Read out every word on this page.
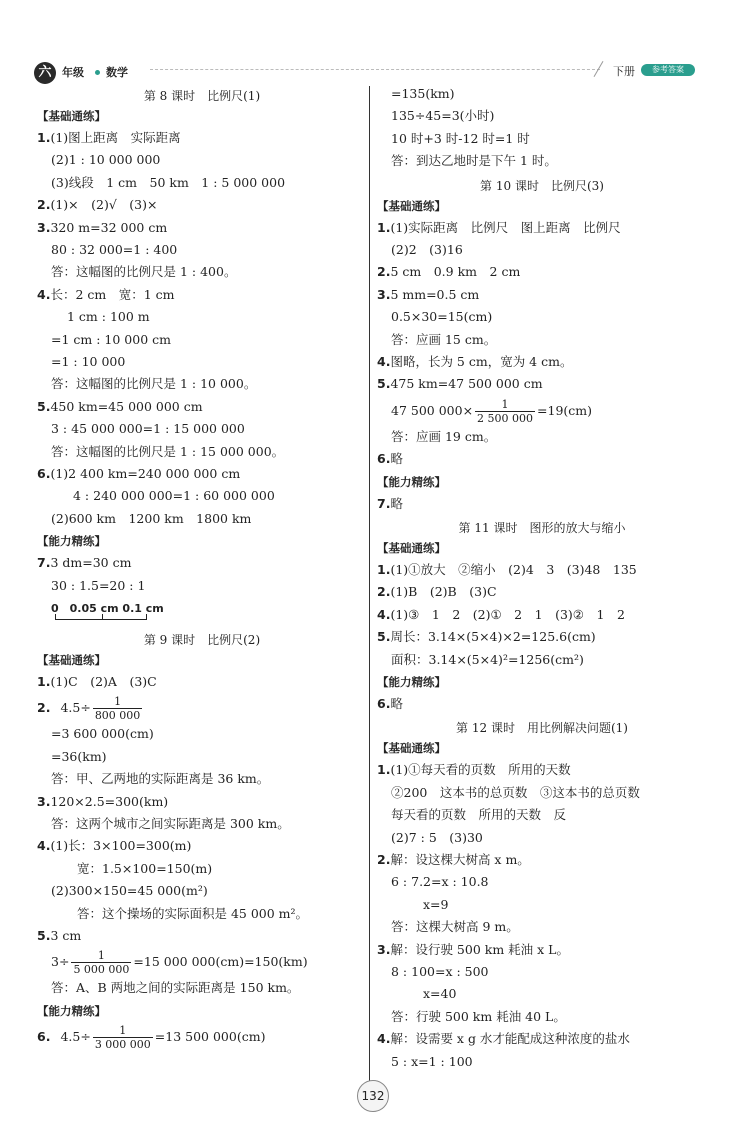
六 年级 数学	下册	参考答案
第 8 课时　比例尺(1)
【基础通练】
1.(1)图上距离　实际距离
(2)1 : 10 000 000
(3)线段　1 cm　50 km　1 : 5 000 000
2.(1)×　(2)√　(3)×
3.320 m=32 000 cm
80 : 32 000=1 : 400
答：这幅图的比例尺是 1 : 400。
4.长：2 cm　宽：1 cm
1 cm : 100 m
=1 cm : 10 000 cm
=1 : 10 000
答：这幅图的比例尺是 1 : 10 000。
5.450 km=45 000 000 cm
3 : 45 000 000=1 : 15 000 000
答：这幅图的比例尺是 1 : 15 000 000。
6.(1)2 400 km=240 000 000 cm
4 : 240 000 000=1 : 60 000 000
(2)600 km　1200 km　1800 km
【能力精练】
7.3 dm=30 cm
30 : 1.5=20 : 1
0　0.05 cm 0.1 cm
第 9 课时　比例尺(2)
【基础通练】
1.(1)C　(2)A　(3)C
2. $4.5\div \frac{1}{800 000}$
=3 600 000(cm)
=36(km)
答：甲、乙两地的实际距离是 36 km。
3.120×2.5=300(km)
答：这两个城市之间实际距离是 300 km。
4.(1)长：3×100=300(m)
宽：1.5×100=150(m)
(2)300×150=45 000(m²)
答：这个操场的实际面积是 45 000 m²。
5.3 cm
$3\div \frac{1}{5 000 000} =15$ 000 000(cm)=150(km)
答：A、B 两地之间的实际距离是 150 km。
【能力精练】
6. $4.5\div \frac{1}{3 000 000} =13$ 500 000(cm)
=135(km)
135÷45=3(小时)
10 时+3 时-12 时=1 时
答：到达乙地时是下午 1 时。
第 10 课时　比例尺(3)
【基础通练】
1.(1)实际距离　比例尺　图上距离　比例尺
(2)2　(3)16
2.5 cm　0.9 km　2 cm
3.5 mm=0.5 cm
0.5×30=15(cm)
答：应画 15 cm。
4.图略，长为 5 cm，宽为 4 cm。
5.475 km=47 500 000 cm
47 500 $000\times \frac{1}{2 500 000} =19(cm)$
答：应画 19 cm。
6.略
【能力精练】
7.略
第 11 课时　图形的放大与缩小
【基础通练】
1.(1)①放大　②缩小　(2)4　3　(3)48　135
2.(1)B　(2)B　(3)C
4.(1)③　1　2　(2)①　2　1　(3)②　1　2
5.周长：3.14×(5×4)×2=125.6(cm)
面积：3.14×(5×4)²=1256(cm²)
【能力精练】
6.略
第 12 课时　用比例解决问题(1)
【基础通练】
1.(1)①每天看的页数　所用的天数
②200　这本书的总页数　③这本书的总页数
每天看的页数　所用的天数　反
(2)7 : 5　(3)30
2.解：设这棵大树高 x m。
6 : 7.2=x : 10.8
x=9
答：这棵大树高 9 m。
3.解：设行驶 500 km 耗油 x L。
8 : 100=x : 500
x=40
答：行驶 500 km 耗油 40 L。
4.解：设需要 x g 水才能配成这种浓度的盐水
5 : x=1 : 100
132
